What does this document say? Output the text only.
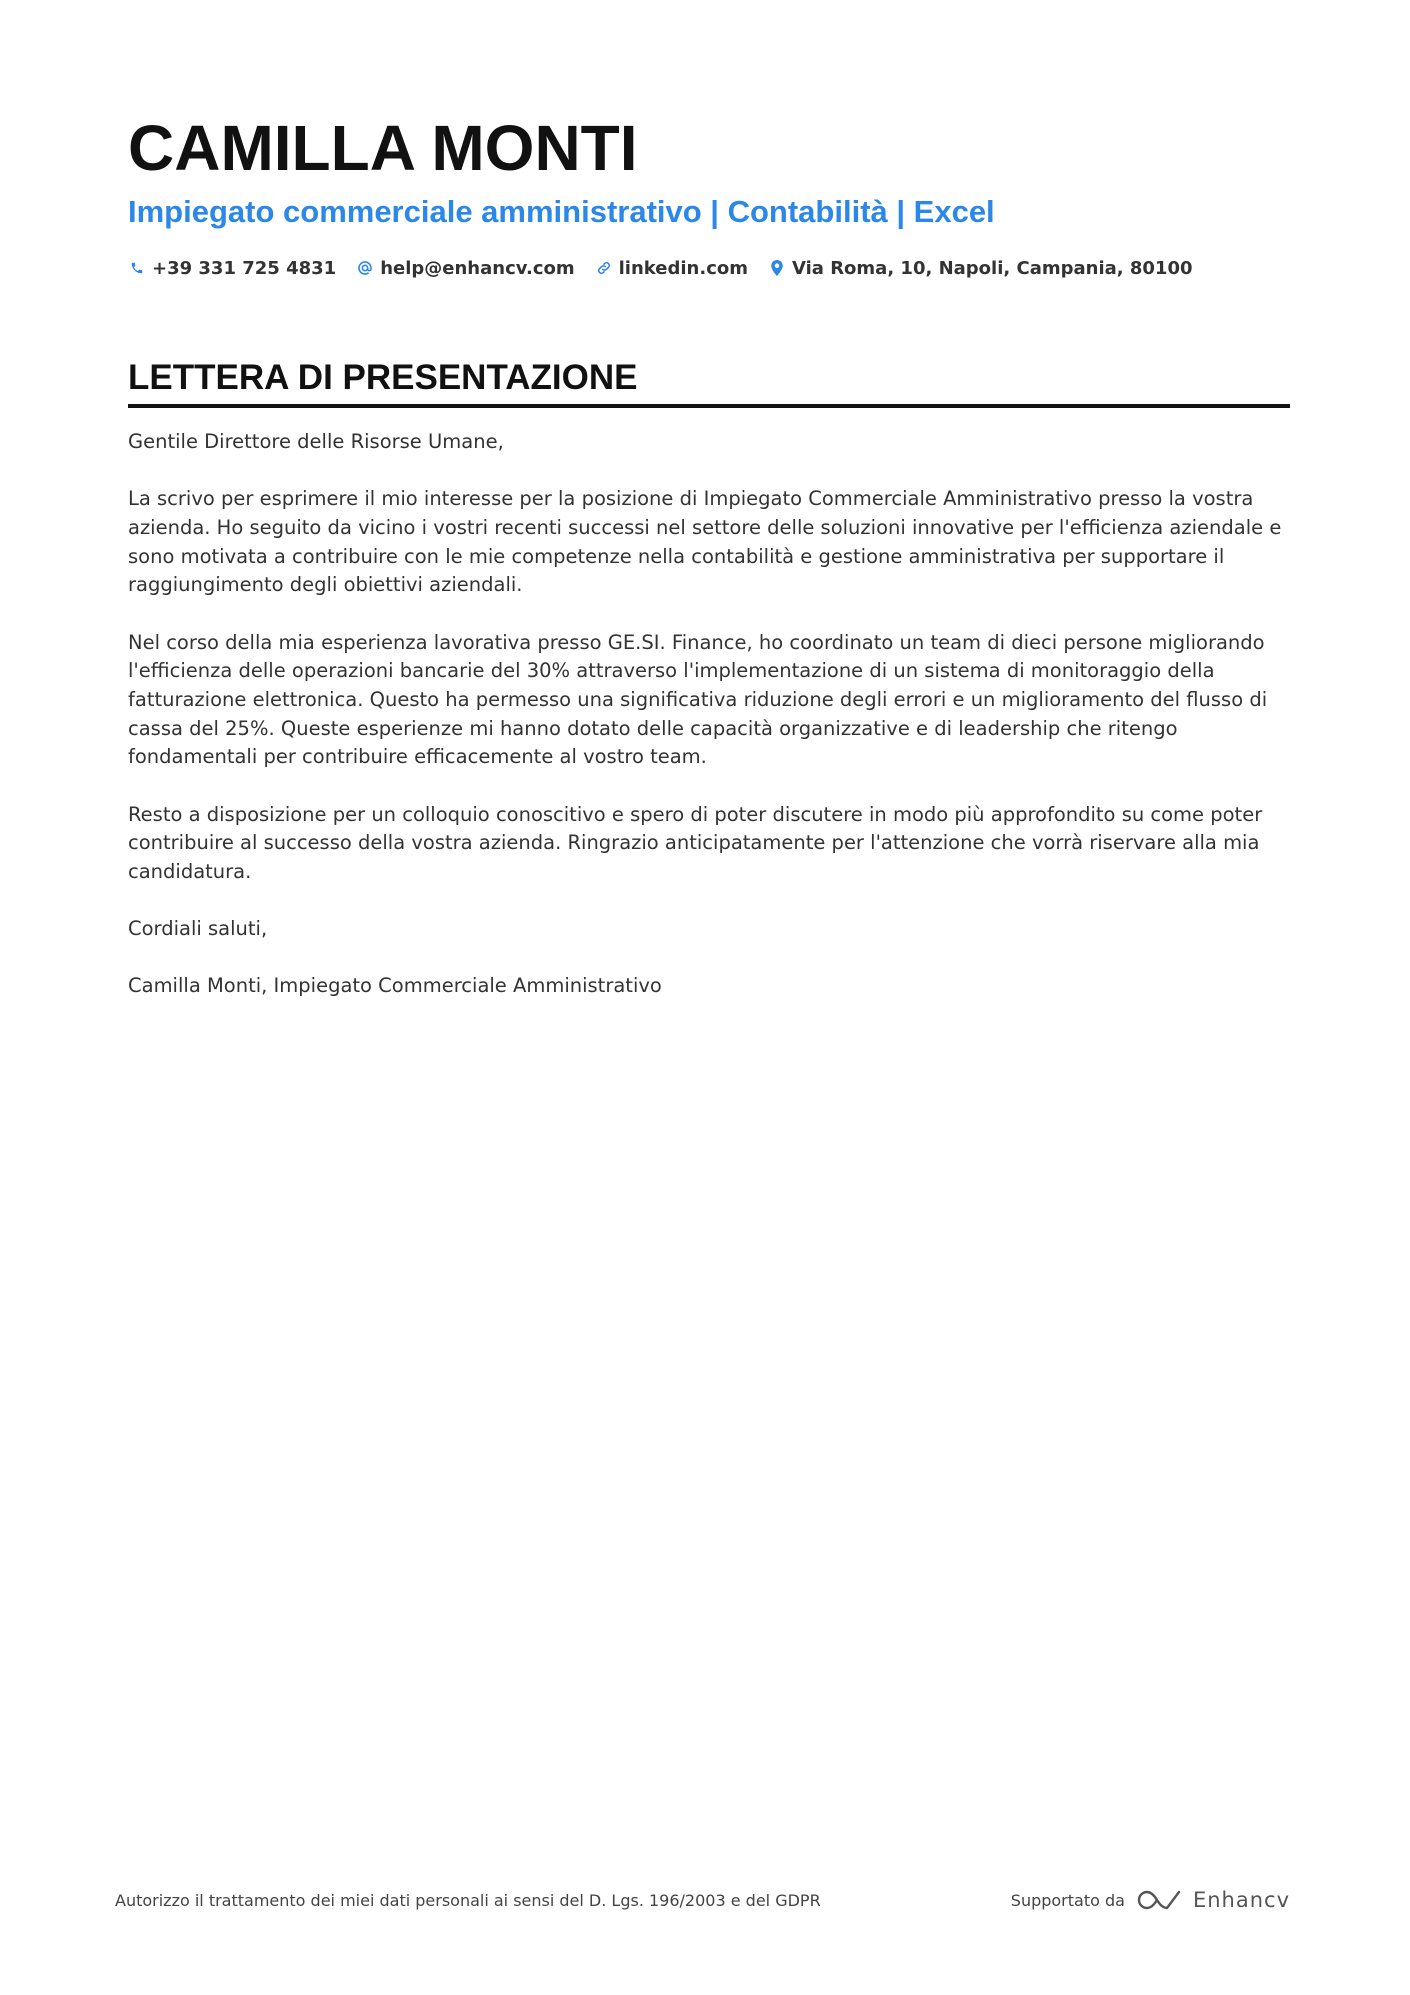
CAMILLA MONTI
Impiegato commerciale amministrativo | Contabilità | Excel
+39 331 725 4831 help@enhancv.com linkedin.com Via Roma, 10, Napoli, Campania, 80100
LETTERA DI PRESENTAZIONE

Gentile Direttore delle Risorse Umane,

La scrivo per esprimere il mio interesse per la posizione di Impiegato Commerciale Amministrativo presso la vostra azienda. Ho seguito da vicino i vostri recenti successi nel settore delle soluzioni innovative per l'efficienza aziendale e sono motivata a contribuire con le mie competenze nella contabilità e gestione amministrativa per supportare il raggiungimento degli obiettivi aziendali.

Nel corso della mia esperienza lavorativa presso GE.SI. Finance, ho coordinato un team di dieci persone migliorando l'efficienza delle operazioni bancarie del 30% attraverso l'implementazione di un sistema di monitoraggio della fatturazione elettronica. Questo ha permesso una significativa riduzione degli errori e un miglioramento del flusso di cassa del 25%. Queste esperienze mi hanno dotato delle capacità organizzative e di leadership che ritengo fondamentali per contribuire efficacemente al vostro team.

Resto a disposizione per un colloquio conoscitivo e spero di poter discutere in modo più approfondito su come poter contribuire al successo della vostra azienda. Ringrazio anticipatamente per l'attenzione che vorrà riservare alla mia candidatura.

Cordiali saluti,

Camilla Monti, Impiegato Commerciale Amministrativo

Autorizzo il trattamento dei miei dati personali ai sensi del D. Lgs. 196/2003 e del GDPR	Supportato da	Enhancv
